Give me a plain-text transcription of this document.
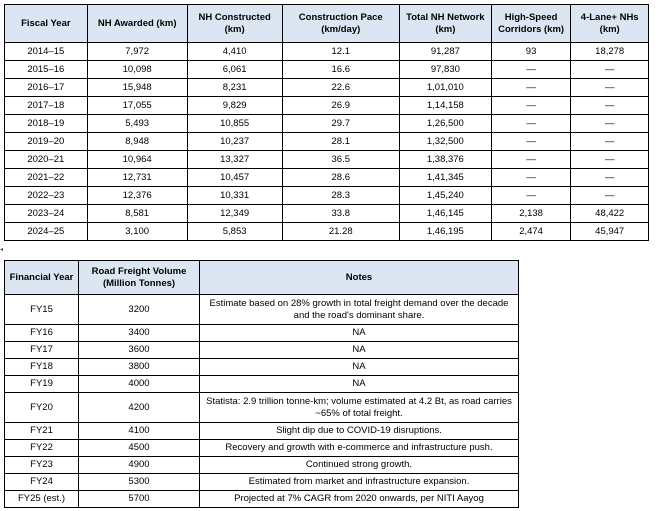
◂
Fiscal Year	NH Awarded (km)	NH Constructed (km)	Construction Pace (km/day)	Total NH Network (km)	High-Speed Corridors (km)	4-Lane+ NHs (km)
2014–15	7,972	4,410	12.1	91,287	93	18,278
2015–16	10,098	6,061	16.6	97,830	—	—
2016–17	15,948	8,231	22.6	1,01,010	—	—
2017–18	17,055	9,829	26.9	1,14,158	—	—
2018–19	5,493	10,855	29.7	1,26,500	—	—
2019–20	8,948	10,237	28.1	1,32,500	—	—
2020–21	10,964	13,327	36.5	1,38,376	—	—
2021–22	12,731	10,457	28.6	1,41,345	—	—
2022–23	12,376	10,331	28.3	1,45,240	—	—
2023–24	8,581	12,349	33.8	1,46,145	2,138	48,422
2024–25	3,100	5,853	21.28	1,46,195	2,474	45,947
Financial Year	Road Freight Volume (Million Tonnes)	Notes
FY15	3200	Estimate based on 28% growth in total freight demand over the decade and the road's dominant share.
FY16	3400	NA
FY17	3600	NA
FY18	3800	NA
FY19	4000	NA
FY20	4200	Statista: 2.9 trillion tonne-km; volume estimated at 4.2 Bt, as road carries ~65% of total freight.
FY21	4100	Slight dip due to COVID-19 disruptions.
FY22	4500	Recovery and growth with e-commerce and infrastructure push.
FY23	4900	Continued strong growth.
FY24	5300	Estimated from market and infrastructure expansion.
FY25 (est.)	5700	Projected at 7% CAGR from 2020 onwards, per NITI Aayog
